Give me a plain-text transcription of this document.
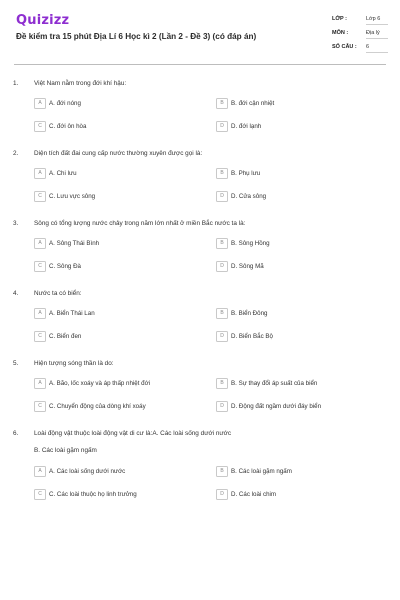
Quizizz
Đề kiểm tra 15 phút Địa Lí 6 Học kì 2 (Lần 2 - Đề 3) (có đáp án)
LỚP :	Lớp 6
MÔN :	Địa lý
SỐ CÂU : 6
1. Việt Nam nằm trong đới khí hậu:
A	A. đới nóng	B	B. đới cận nhiệt
C	C. đới ôn hòa	D	D. đới lạnh
2. Diện tích đất đai cung cấp nước thường xuyên được gọi là:
A	A. Chi lưu	B	B. Phụ lưu
C	C. Lưu vực sông	D	D. Cửa sông
3. Sông có tổng lượng nước chảy trong năm lớn nhất ở miền Bắc nước ta là:
A	A. Sông Thái Bình	B	B. Sông Hồng
C	C. Sông Đà	D	D. Sông Mã
4. Nước ta có biển:
A	A. Biển Thái Lan	B	B. Biển Đông
C	C. Biển đen	D	D. Biển Bắc Bộ
5. Hiện tượng sóng thần là do:
A	A. Bão, lốc xoáy và áp thấp nhiệt đới	B	B. Sự thay đổi áp suất của biển
C	C. Chuyển động của dòng khí xoáy	D	D. Động đất ngầm dưới đáy biển
6. Loài động vật thuộc loài động vật di cư là:A. Các loài sống dưới nước
B. Các loài gặm ngấm
A	A. Các loài sống dưới nước	B	B. Các loài gặm ngấm
C	C. Các loài thuộc họ linh trưởng	D	D. Các loài chim
